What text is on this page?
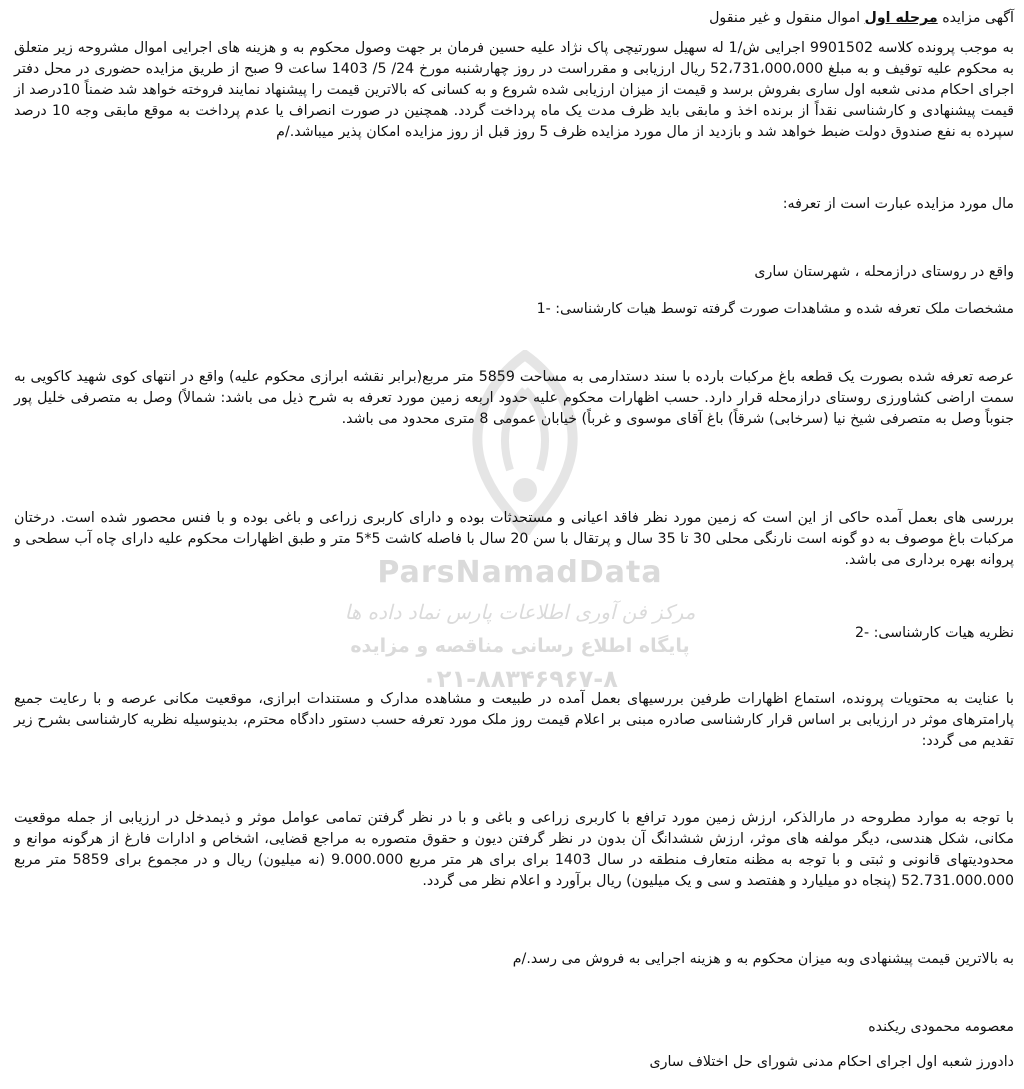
ParsNamadData
مرکز فن آوری اطلاعات پارس نماد داده ها
پایگاه اطلاع رسانی مناقصه و مزایده
۰۲۱-۸۸۳۴۶۹۶۷-۸

آگهی مزایده مرحله اول اموال منقول و غیر منقول

به موجب پرونده کلاسه 9901502 اجرایی ش/1 له سهیل سورتیچی پاک نژاد علیه حسین فرمان بر جهت وصول محکوم به و هزینه های اجرایی اموال مشروحه زیر متعلق به محکوم علیه توقیف و به مبلغ 52،731،000،000 ریال ارزیابی و مقرراست در روز چهارشنبه مورخ 24/ 5/ 1403 ساعت 9 صبح از طریق مزایده حضوری در محل دفتر اجرای احکام مدنی شعبه اول ساری بفروش برسد و قیمت از میزان ارزیابی شده شروع و به کسانی که بالاترین قیمت را پیشنهاد نمایند فروخته خواهد شد ضمناً 10درصد از قیمت پیشنهادی و کارشناسی نقداً از برنده اخذ و مابقی باید ظرف مدت یک ماه پرداخت گردد. همچنین در صورت انصراف یا عدم پرداخت به موقع مابقی وجه 10 درصد سپرده به نفع صندوق دولت ضبط خواهد شد و بازدید از مال مورد مزایده ظرف 5 روز قبل از روز مزایده امکان پذیر میباشد./م

مال مورد مزایده عبارت است از تعرفه:

واقع در روستای درازمحله ، شهرستان ساری

مشخصات ملک تعرفه شده و مشاهدات صورت گرفته توسط هیات کارشناسی: -1

عرصه تعرفه شده بصورت یک قطعه باغ مرکبات بارده با سند دستدارمی به مساحت 5859 متر مربع(برابر نقشه ابرازی محکوم علیه) واقع در انتهای کوی شهید کاکویی به سمت اراضی کشاورزی روستای درازمحله قرار دارد. حسب اظهارات محکوم علیه حدود اربعه زمین مورد تعرفه به شرح ذیل می باشد: شمالاً) وصل به متصرفی خلیل پور جنوباً وصل به متصرفی شیخ نیا (سرخابی) شرقاً) باغ آقای موسوی و غرباً) خیابان عمومی 8 متری محدود می باشد.

بررسی های بعمل آمده حاکی از این است که زمین مورد نظر فاقد اعیانی و مستحدثات بوده و دارای کاربری زراعی و باغی بوده و با فنس محصور شده است. درختان مرکبات باغ موصوف به دو گونه است نارنگی محلی 30 تا 35 سال و پرتقال با سن 20 سال با فاصله کاشت 5*5 متر و طبق اظهارات محکوم علیه دارای چاه آب سطحی و پروانه بهره برداری می باشد.

نظریه هیات کارشناسی: -2

با عنایت به محتویات پرونده، استماع اظهارات طرفین بررسیهای بعمل آمده در طبیعت و مشاهده مدارک و مستندات ابرازی، موقعیت مکانی عرصه و با رعایت جمیع پارامترهای موثر در ارزیابی بر اساس قرار کارشناسی صادره مبنی بر اعلام قیمت روز ملک مورد تعرفه حسب دستور دادگاه محترم، بدینوسیله نظریه کارشناسی بشرح زیر تقدیم می گردد:

با توجه به موارد مطروحه در مارالذکر، ارزش زمین مورد ترافع با کاربری زراعی و باغی و با در نظر گرفتن تمامی عوامل موثر و ذیمدخل در ارزیابی از جمله موقعیت مکانی، شکل هندسی، دیگر مولفه های موثر، ارزش ششدانگ آن بدون در نظر گرفتن دیون و حقوق متصوره به مراجع قضایی، اشخاص و ادارات فارغ از هرگونه موانع و محدودیتهای قانونی و ثبتی و با توجه به مظنه متعارف منطقه در سال 1403 برای برای هر متر مربع 9.000.000 (نه میلیون) ریال و در مجموع برای 5859 متر مربع 52.731.000.000 (پنجاه دو میلیارد و هفتصد و سی و یک میلیون) ریال برآورد و اعلام نظر می گردد.

به بالاترین قیمت پیشنهادی وبه میزان محکوم به و هزینه اجرایی به فروش می رسد./م

معصومه محمودی ریکنده

دادورز شعبه اول اجرای احکام مدنی شورای حل اختلاف ساری
